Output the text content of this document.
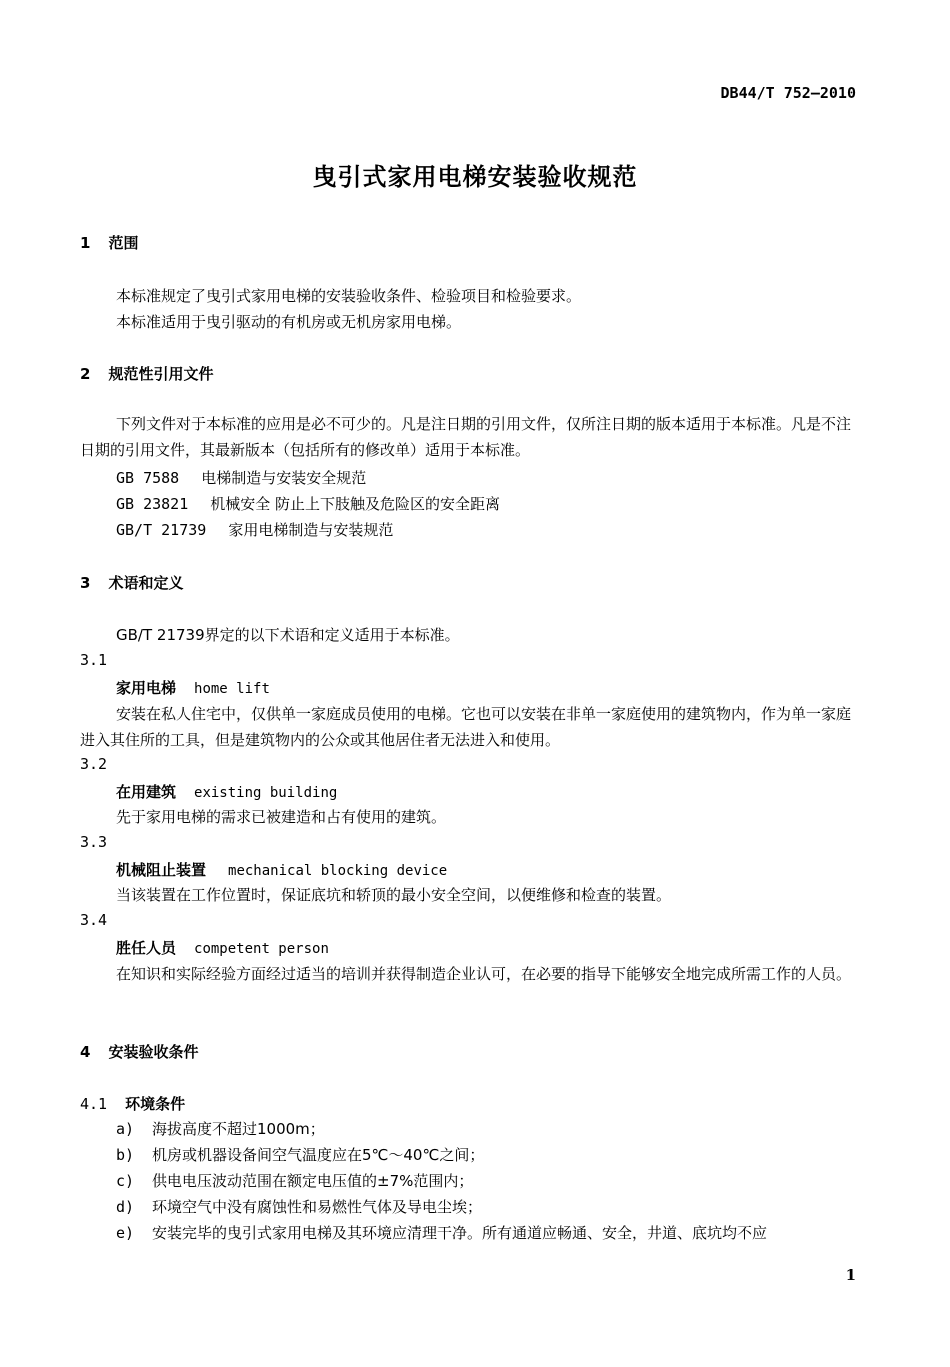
DB44/T 752—2010
曳引式家用电梯安装验收规范
1 范围
本标准规定了曳引式家用电梯的安装验收条件、检验项目和检验要求。
本标准适用于曳引驱动的有机房或无机房家用电梯。
2 规范性引用文件
下列文件对于本标准的应用是必不可少的。凡是注日期的引用文件，仅所注日期的版本适用于本标准。凡是不注日期的引用文件，其最新版本（包括所有的修改单）适用于本标准。
GB 7588 电梯制造与安装安全规范
GB 23821 机械安全 防止上下肢触及危险区的安全距离
GB/T 21739 家用电梯制造与安装规范
3 术语和定义
GB/T 21739界定的以下术语和定义适用于本标准。
3.1
家用电梯 home lift
安装在私人住宅中，仅供单一家庭成员使用的电梯。它也可以安装在非单一家庭使用的建筑物内，作为单一家庭进入其住所的工具，但是建筑物内的公众或其他居住者无法进入和使用。
3.2
在用建筑 existing building
先于家用电梯的需求已被建造和占有使用的建筑。
3.3
机械阻止装置 mechanical blocking device
当该装置在工作位置时，保证底坑和轿顶的最小安全空间，以便维修和检查的装置。
3.4
胜任人员 competent person
在知识和实际经验方面经过适当的培训并获得制造企业认可，在必要的指导下能够安全地完成所需工作的人员。
4 安装验收条件
4.1 环境条件
a) 海拔高度不超过1000m；
b) 机房或机器设备间空气温度应在5℃～40℃之间；
c) 供电电压波动范围在额定电压值的±7%范围内；
d) 环境空气中没有腐蚀性和易燃性气体及导电尘埃；
e) 安装完毕的曳引式家用电梯及其环境应清理干净。所有通道应畅通、安全，井道、底坑均不应
1
